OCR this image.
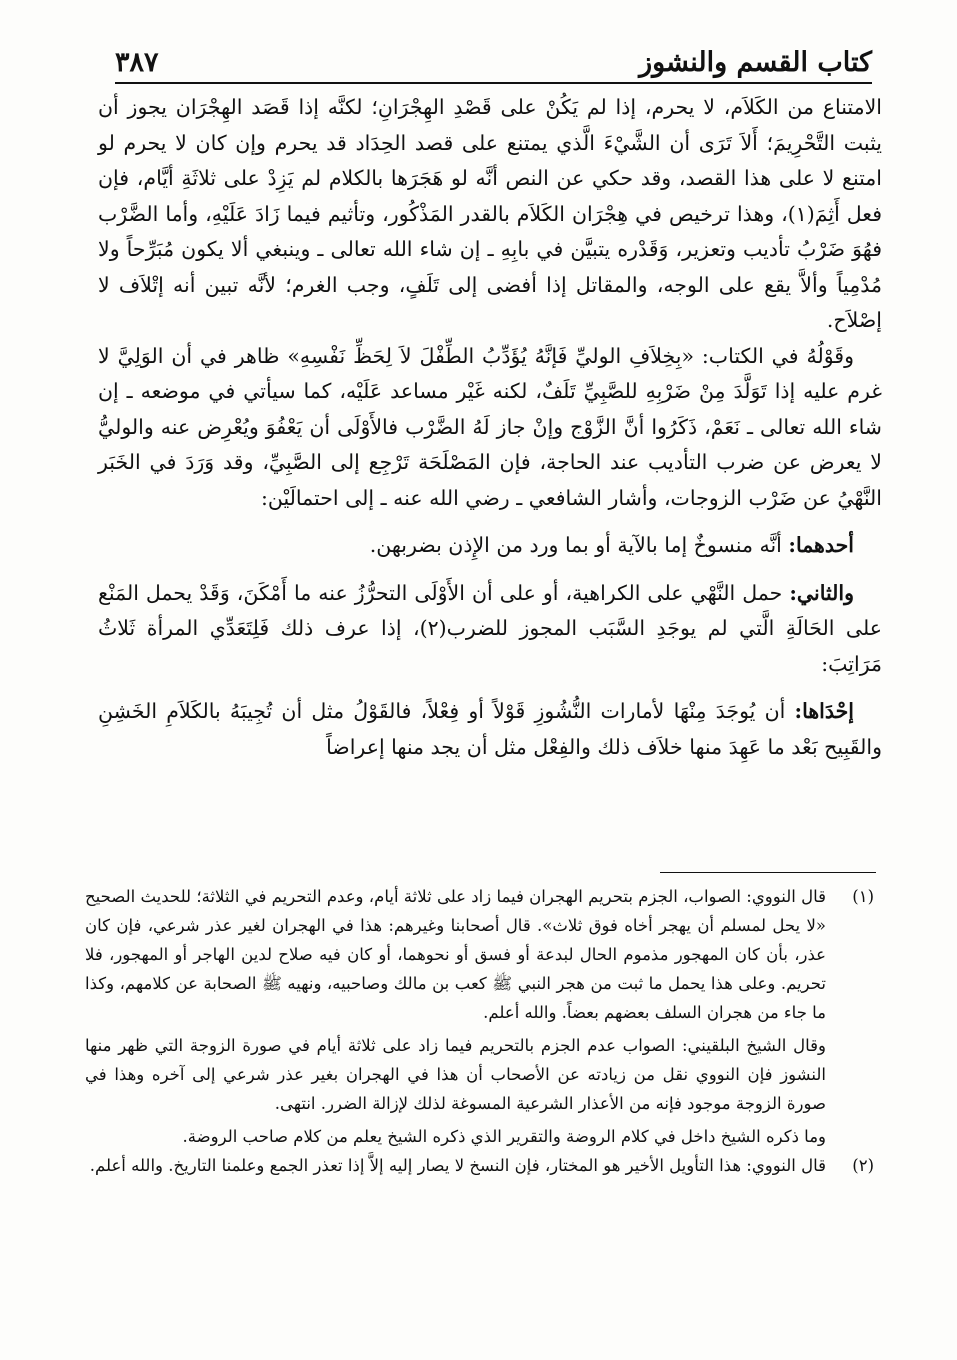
كتاب القسم والنشوز
٣٨٧

الامتناع من الكَلاَم، لا يحرم، إذا لم يَكُنْ على قَصْدِ الهِجْرَانِ؛ لكنَّه إذا قَصَد الهِجْرَان يجوز أن يثبت التَّحْرِيمَ؛ أَلاَ تَرَى أن الشَّيْءَ الَّذي يمتنع على قصد الحِدَاد قد يحرم وإن كان لا يحرم لو امتنع لا على هذا القصد، وقد حكي عن النص أنَّه لو هَجَرَها بالكلام لم يَزِدْ على ثلاثَةِ أيَّام، فإن فعل أَثِمَ(١)، وهذا ترخيص في هِجْرَان الكَلاَم بالقدر المَذْكُور، وتأثيم فيما زَادَ عَلَيْهِ، وأما الضَّرْب فهُوَ ضَرْبُ تأديب وتعزير، وَقَدْره يتبيَّن في بابِهِ ـ إن شاء الله تعالى ـ وينبغي ألا يكون مُبَرِّحاً ولا مُدْمِياً وألاَّ يقع على الوجه، والمقاتل إذا أفضى إلى تَلَفٍ، وجب الغرم؛ لأنَّه تبين أنه إتْلاَف لا إصْلاَح.

وقَوْلُهُ في الكتاب: «بِخِلاَفِ الوليِّ فَإنَّهُ يُؤَدِّبُ الطِّفْلَ لاَ لِحَظِّ نَفْسِهِ» ظاهر في أن الوَلِيَّ لا غرم عليه إذا تَوَلَّدَ مِنْ ضَرْبِهِ للصَّبِيِّ تَلَفٌ، لكنه غَيْر مساعد عَلَيْه، كما سيأتي في موضعه ـ إن شاء الله تعالى ـ نَعَمْ، ذَكَرُوا أنَّ الزَّوْج وإنْ جاز لَهُ الضَّرْب فالأَوْلَى أن يَعْفُوَ ويُعْرِض عنه والوليُّ لا يعرض عن ضرب التأديب عند الحاجة، فإن المَصْلَحَة تَرْجِع إلى الصَّبِيِّ، وقد وَرَدَ في الخَبَر النَّهْيُ عن ضَرْب الزوجات، وأشار الشافعي ـ رضي الله عنه ـ إلى احتمالَيْن:

أحدهما: أنَّه منسوخٌ إما بالآية أو بما ورد من الإِذن بضربهن.

والثاني: حمل النَّهْي على الكراهية، أو على أن الأَوْلَى التحرُّزُ عنه ما أَمْكَنَ، وَقَدْ يحمل المَنْع على الحَالَةِ الَّتي لم يوجَدِ السَّبَب المجوز للضرب(٢)، إذا عرف ذلك فَلِتَعَدِّي المرأة ثَلاثُ مَرَاتِبَ:

إحْدَاها: أن يُوجَدَ مِنْهَا لأمارات النُّشُوزِ قَوْلاً أو فِعْلاً، فالقَوْلُ مثل أن تُجِيبَهُ بالكَلاَمِ الخَشِنِ والقَبِيح بَعْد ما عَهِدَ منها خلاَف ذلك والفِعْل مثل أن يجد منها إعراضاً

(١)

قال النووي: الصواب، الجزم بتحريم الهجران فيما زاد على ثلاثة أيام، وعدم التحريم في الثلاثة؛ للحديث الصحيح «لا يحل لمسلم أن يهجر أخاه فوق ثلاث». قال أصحابنا وغيرهم: هذا في الهجران لغير عذر شرعي، فإن كان عذر، بأن كان المهجور مذموم الحال لبدعة أو فسق أو نحوهما، أو كان فيه صلاح لدين الهاجر أو المهجور، فلا تحريم. وعلى هذا يحمل ما ثبت من هجر النبي ﷺ كعب بن مالك وصاحبيه، ونهيه ﷺ الصحابة عن كلامهم، وكذا ما جاء من هجران السلف بعضهم بعضاً. والله أعلم.

وقال الشيخ البلقيني: الصواب عدم الجزم بالتحريم فيما زاد على ثلاثة أيام في صورة الزوجة التي ظهر منها النشوز فإن النووي نقل من زيادته عن الأصحاب أن هذا في الهجران بغير عذر شرعي إلى آخره وهذا في صورة الزوجة موجود فإنه من الأعذار الشرعية المسوغة لذلك لإزالة الضرر. انتهى.

وما ذكره الشيخ داخل في كلام الروضة والتقرير الذي ذكره الشيخ يعلم من كلام صاحب الروضة.

(٢)

قال النووي: هذا التأويل الأخير هو المختار، فإن النسخ لا يصار إليه إلاَّ إذا تعذر الجمع وعلمنا التاريخ. والله أعلم.
